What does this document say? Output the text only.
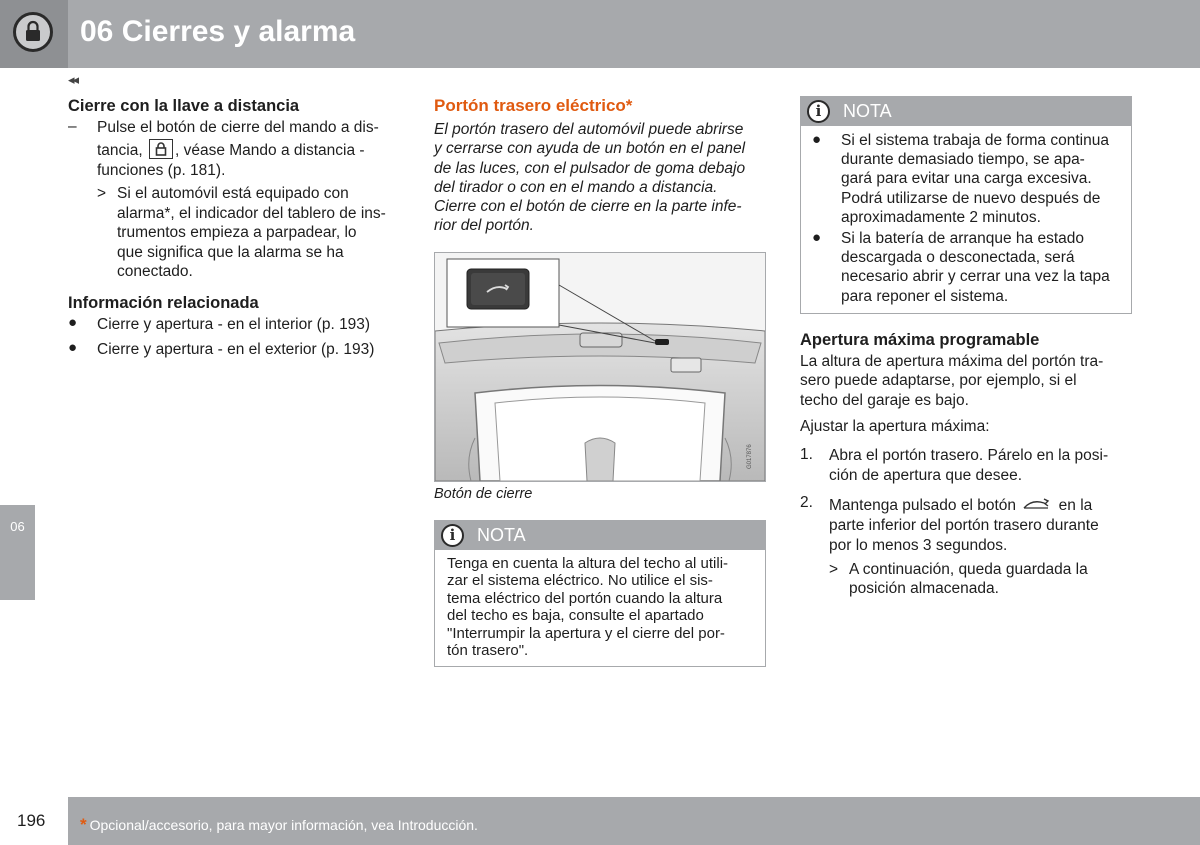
06 Cierres y alarma
◂◂
06
Cierre con la llave a distancia
– Pulse el botón de cierre del mando a dis-
tancia, , véase Mando a distancia -
funciones (p. 181).
> Si el automóvil está equipado con
alarma*, el indicador del tablero de ins-
trumentos empieza a parpadear, lo
que significa que la alarma se ha
conectado.
Información relacionada
● Cierre y apertura - en el interior (p. 193)
● Cierre y apertura - en el exterior (p. 193)
Portón trasero eléctrico*
El portón trasero del automóvil puede abrirse
y cerrarse con ayuda de un botón en el panel
de las luces, con el pulsador de goma debajo
del tirador o con en el mando a distancia.
Cierre con el botón de cierre en la parte infe-
rior del portón.
G017876
Botón de cierre
i	NOTA
Tenga en cuenta la altura del techo al utili-
zar el sistema eléctrico. No utilice el sis-
tema eléctrico del portón cuando la altura
del techo es baja, consulte el apartado
"Interrumpir la apertura y el cierre del por-
tón trasero".
i	NOTA
● Si el sistema trabaja de forma continua
durante demasiado tiempo, se apa-
gará para evitar una carga excesiva.
Podrá utilizarse de nuevo después de
aproximadamente 2 minutos.
● Si la batería de arranque ha estado
descargada o desconectada, será
necesario abrir y cerrar una vez la tapa
para reponer el sistema.
Apertura máxima programable
La altura de apertura máxima del portón tra-
sero puede adaptarse, por ejemplo, si el
techo del garaje es bajo.
Ajustar la apertura máxima:
1. Abra el portón trasero. Párelo en la posi-
ción de apertura que desee.
2. Mantenga pulsado el botón	en la
parte inferior del portón trasero durante
por lo menos 3 segundos.
> A continuación, queda guardada la
posición almacenada.
196 * Opcional/accesorio, para mayor información, vea Introducción.
